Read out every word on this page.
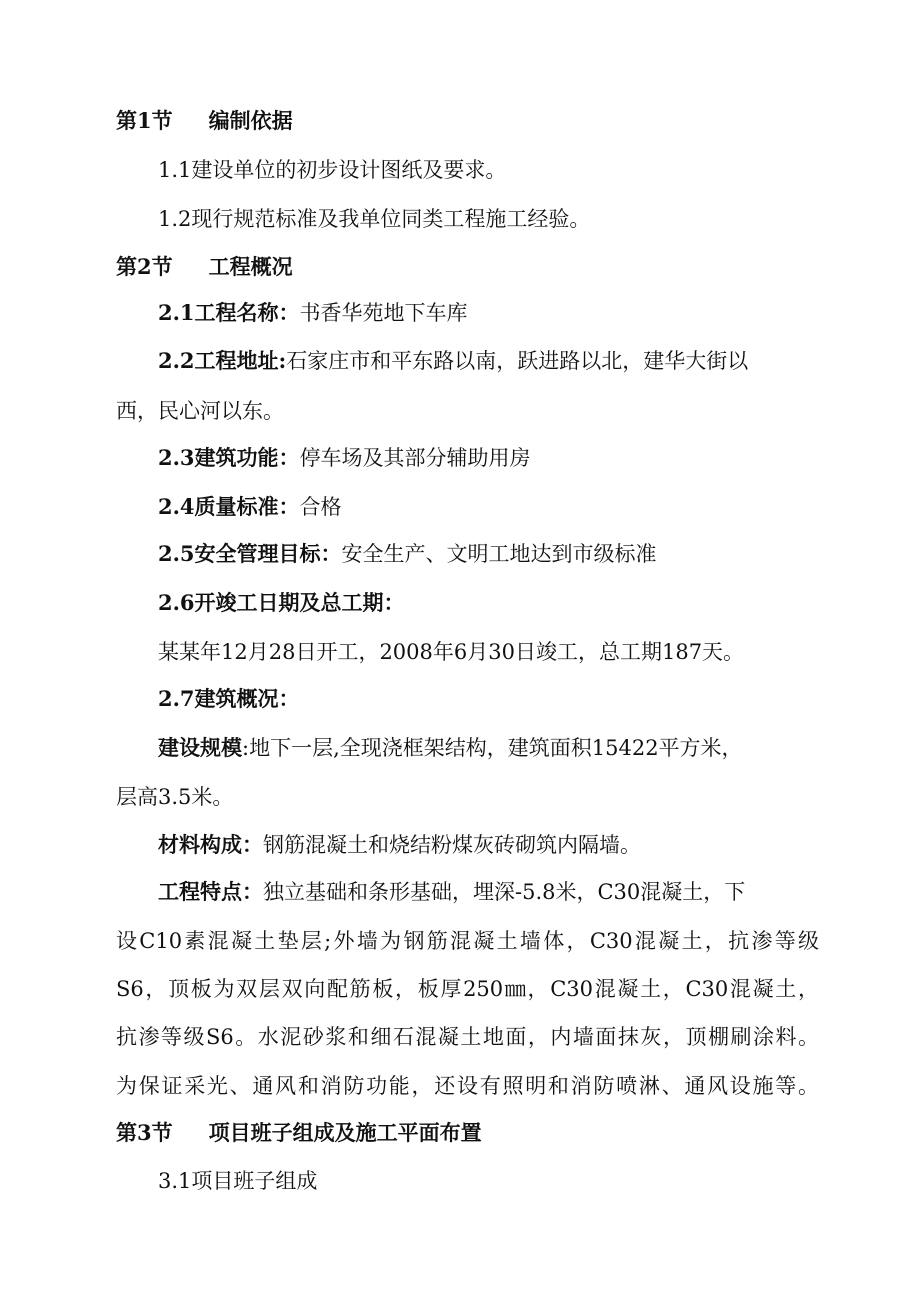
第1节 编制依据
1.1建设单位的初步设计图纸及要求。
1.2现行规范标准及我单位同类工程施工经验。
第2节 工程概况
2.1工程名称：书香华苑地下车库
2.2工程地址:石家庄市和平东路以南，跃进路以北，建华大街以
西，民心河以东。
2.3建筑功能：停车场及其部分辅助用房
2.4质量标准：合格
2.5安全管理目标：安全生产、文明工地达到市级标准
2.6开竣工日期及总工期：
某某年12月28日开工，2008年6月30日竣工，总工期187天。
2.7建筑概况：
建设规模:地下一层,全现浇框架结构，建筑面积15422平方米，
层高3.5米。
材料构成：钢筋混凝土和烧结粉煤灰砖砌筑内隔墙。
工程特点：独立基础和条形基础，埋深-5.8米，C30混凝土，下
设C10素混凝土垫层;外墙为钢筋混凝土墙体，C30混凝土，抗渗等级
S6，顶板为双层双向配筋板，板厚250㎜，C30混凝土，C30混凝土，
抗渗等级S6。水泥砂浆和细石混凝土地面，内墙面抹灰，顶棚刷涂料。
为保证采光、通风和消防功能，还设有照明和消防喷淋、通风设施等。
第3节 项目班子组成及施工平面布置
3.1项目班子组成
